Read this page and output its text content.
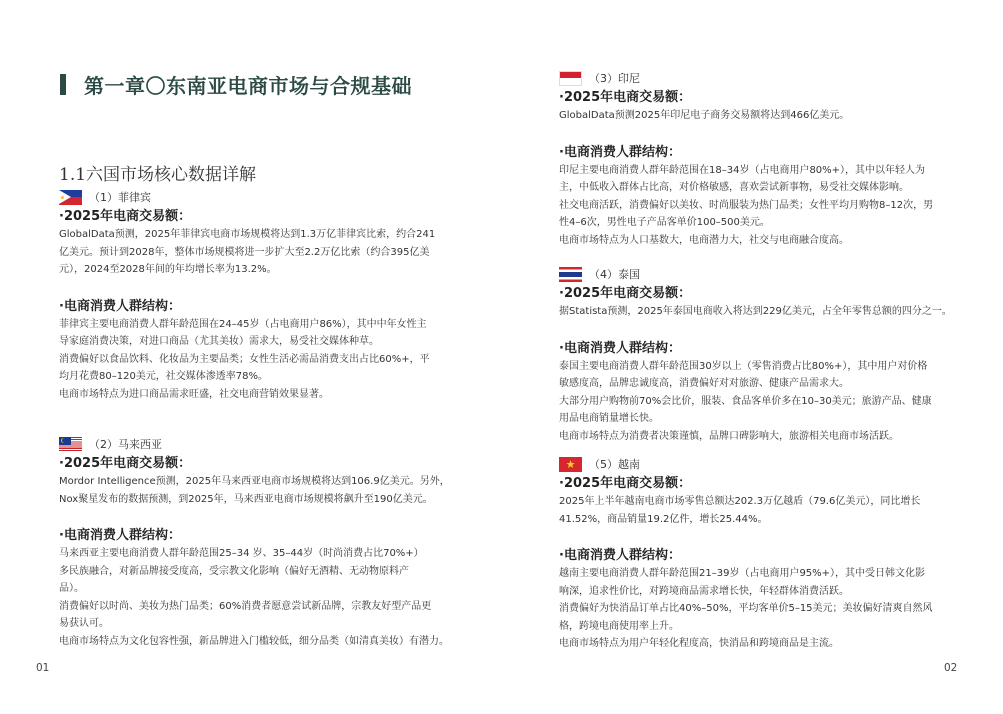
第一章〇东南亚电商市场与合规基础
1.1六国市场核心数据详解
（1）菲律宾
·2025年电商交易额：

GlobalData预测，2025年菲律宾电商市场规模将达到1.3万亿菲律宾比索，约合241

亿美元。预计到2028年，整体市场规模将进一步扩大至2.2万亿比索（约合395亿美

元），2024至2028年间的年均增长率为13.2%。

·电商消费人群结构：

菲律宾主要电商消费人群年龄范围在24–45岁（占电商用户86%），其中中年女性主

导家庭消费决策，对进口商品（尤其美妆）需求大，易受社交媒体种草。

消费偏好以食品饮料、化妆品为主要品类；女性生活必需品消费支出占比60%+，平

均月花费80–120美元，社交媒体渗透率78%。

电商市场特点为进口商品需求旺盛，社交电商营销效果显著。

（2）马来西亚
·2025年电商交易额：

Mordor Intelligence预测，2025年马来西亚电商市场规模将达到106.9亿美元。另外，

Nox聚星发布的数据预测，到2025年，马来西亚电商市场规模将飙升至190亿美元。

·电商消费人群结构：

马来西亚主要电商消费人群年龄范围25–34 岁、35–44岁（时尚消费占比70%+）

多民族融合，对新品牌接受度高，受宗教文化影响（偏好无酒精、无动物原料产

品）。

消费偏好以时尚、美妆为热门品类；60%消费者愿意尝试新品牌，宗教友好型产品更

易获认可。

电商市场特点为文化包容性强，新品牌进入门槛较低，细分品类（如清真美妆）有潜力。

01
（3）印尼
·2025年电商交易额：

GlobalData预测2025年印尼电子商务交易额将达到466亿美元。

·电商消费人群结构：

印尼主要电商消费人群年龄范围在18–34岁（占电商用户80%+），其中以年轻人为

主，中低收入群体占比高，对价格敏感，喜欢尝试新事物，易受社交媒体影响。

社交电商活跃，消费偏好以美妆、时尚服装为热门品类；女性平均月购物8–12次，男

性4–6次，男性电子产品客单价100–500美元。

电商市场特点为人口基数大，电商潜力大，社交与电商融合度高。

（4）泰国
·2025年电商交易额：

据Statista预测，2025年泰国电商收入将达到229亿美元，占全年零售总额的四分之一。

·电商消费人群结构：

泰国主要电商消费人群年龄范围30岁以上（零售消费占比80%+），其中用户对价格

敏感度高，品牌忠诚度高，消费偏好对对旅游、健康产品需求大。

大部分用户购物前70%会比价，服装、食品客单价多在10–30美元；旅游产品、健康

用品电商销量增长快。

电商市场特点为消费者决策谨慎，品牌口碑影响大，旅游相关电商市场活跃。

★	（5）越南
·2025年电商交易额：

2025年上半年越南电商市场零售总额达202.3万亿越盾（79.6亿美元），同比增长

41.52%，商品销量19.2亿件，增长25.44%。

·电商消费人群结构：

越南主要电商消费人群年龄范围21–39岁（占电商用户95%+），其中受日韩文化影

响深，追求性价比，对跨境商品需求增长快，年轻群体消费活跃。

消费偏好为快消品订单占比40%–50%，平均客单价5–15美元；美妆偏好清爽自然风

格，跨境电商使用率上升。

电商市场特点为用户年轻化程度高，快消品和跨境商品是主流。

02
